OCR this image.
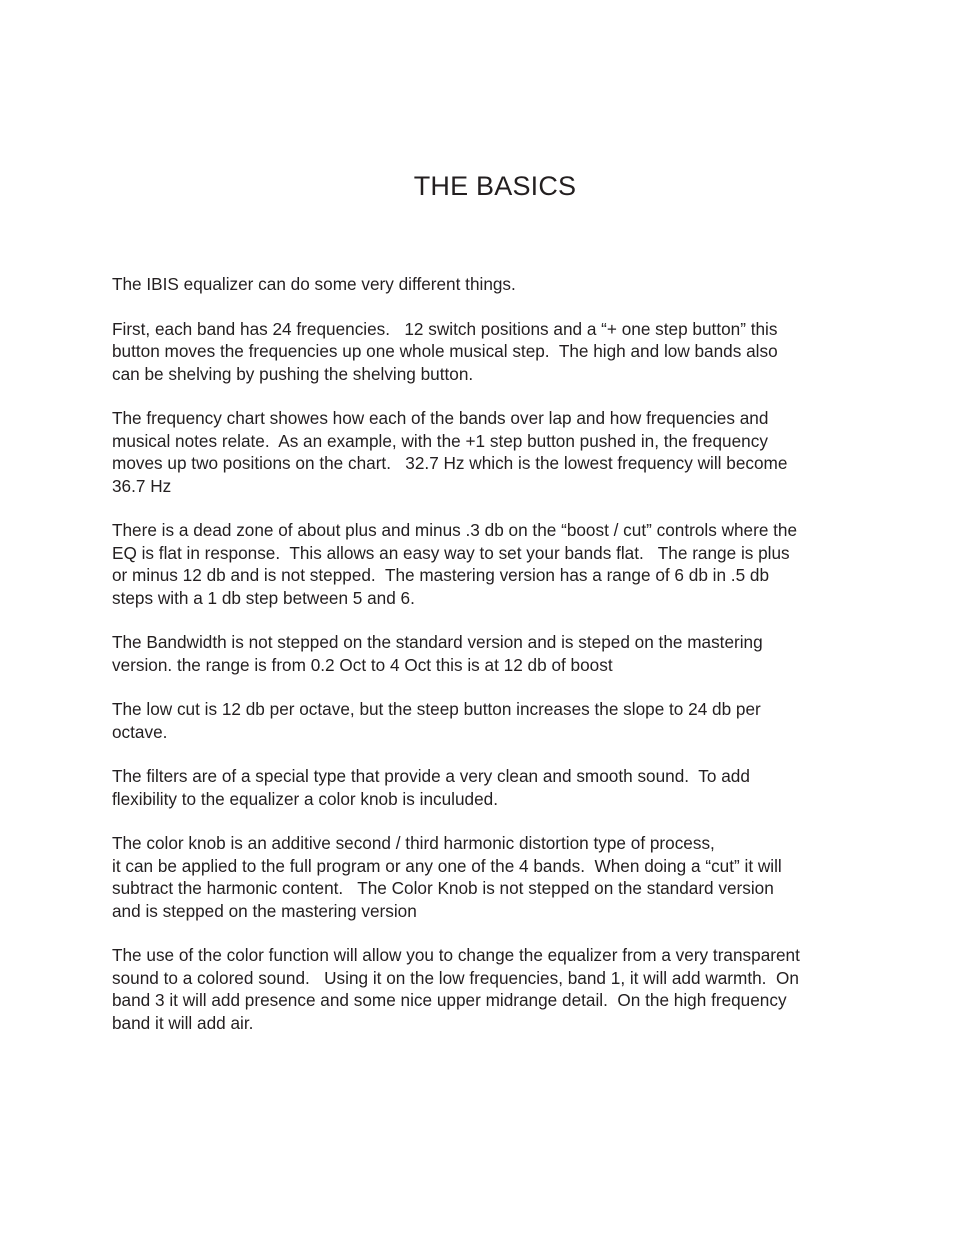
THE BASICS

The IBIS equalizer can do some very different things.

First, each band has 24 frequencies.   12 switch positions and a “+ one step button” this
button moves the frequencies up one whole musical step.  The high and low bands also
can be shelving by pushing the shelving button.

The frequency chart showes how each of the bands over lap and how frequencies and
musical notes relate.  As an example, with the +1 step button pushed in, the frequency
moves up two positions on the chart.   32.7 Hz which is the lowest frequency will become
36.7 Hz

There is a dead zone of about plus and minus .3 db on the “boost / cut” controls where the
EQ is flat in response.  This allows an easy way to set your bands flat.   The range is plus
or minus 12 db and is not stepped.  The mastering version has a range of 6 db in .5 db
steps with a 1 db step between 5 and 6.

The Bandwidth is not stepped on the standard version and is steped on the mastering
version. the range is from 0.2 Oct to 4 Oct this is at 12 db of boost

The low cut is 12 db per octave, but the steep button increases the slope to 24 db per
octave.

The filters are of a special type that provide a very clean and smooth sound.  To add
flexibility to the equalizer a color knob is inculuded.

The color knob is an additive second / third harmonic distortion type of process,
it can be applied to the full program or any one of the 4 bands.  When doing a “cut” it will
subtract the harmonic content.   The Color Knob is not stepped on the standard version
and is stepped on the mastering version

The use of the color function will allow you to change the equalizer from a very transparent
sound to a colored sound.   Using it on the low frequencies, band 1, it will add warmth.  On
band 3 it will add presence and some nice upper midrange detail.  On the high frequency
band it will add air.
